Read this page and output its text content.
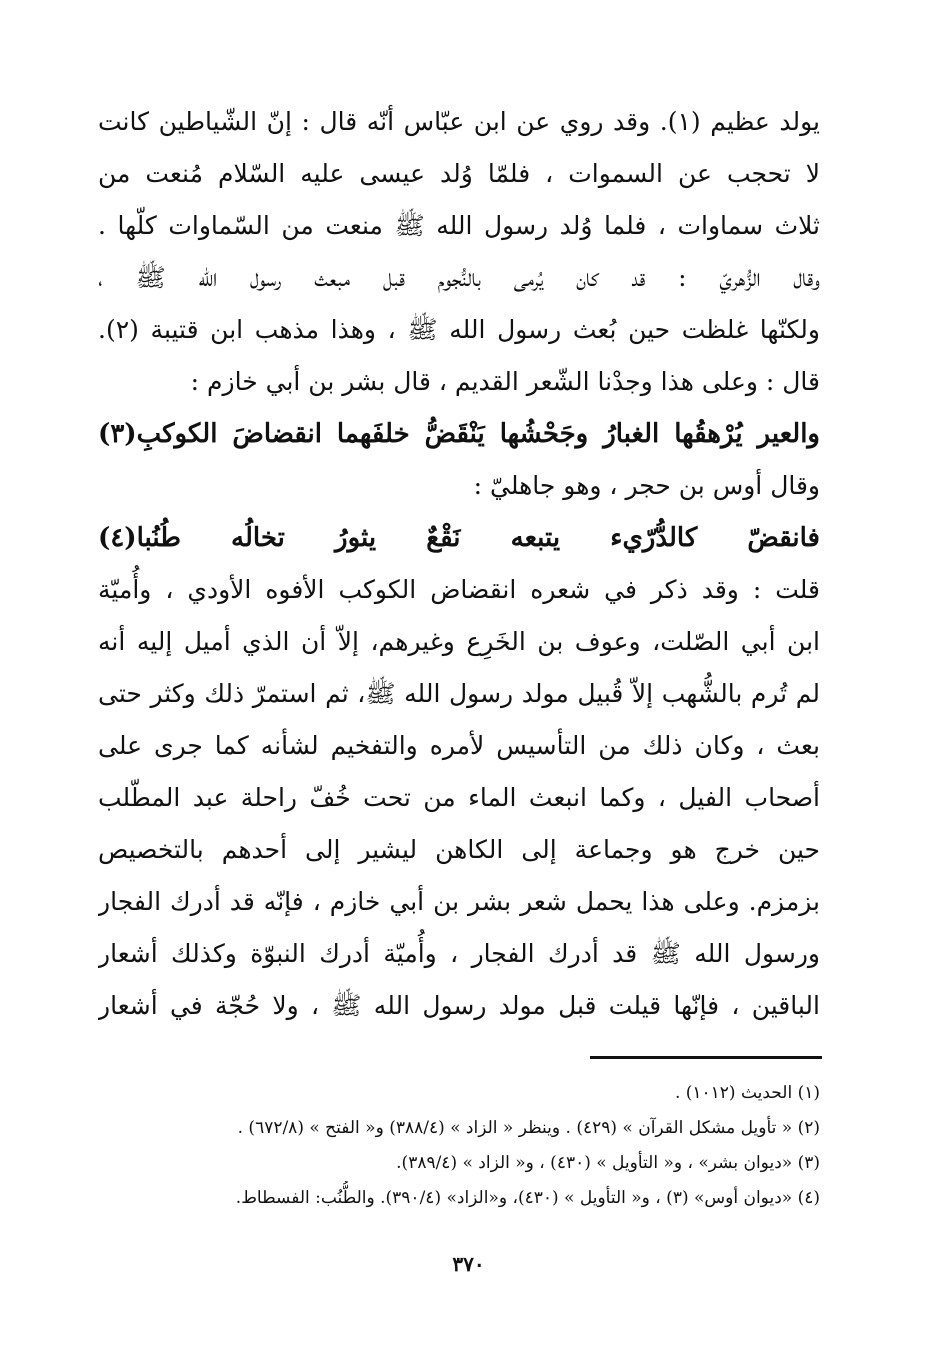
يولد عظيم (١). وقد روي عن ابن عبّاس أنّه قال : إنّ الشّياطين كانت
لا تحجب عن السموات ، فلمّا وُلد عيسى عليه السّلام مُنعت من
ثلاث سماوات ، فلما وُلد رسول الله ﷺ منعت من السّماوات كلّها .
وقال الزُّهريّ : قد كان يُرمى بالنُّجوم قبل مبعث رسول الله ﷺ ،
ولكنّها غلظت حين بُعث رسول الله ﷺ ، وهذا مذهب ابن قتيبة (٢).
قال : وعلى هذا وجدْنا الشّعر القديم ، قال بشر بن أبي خازم :
والعير يُرْهقُها الغبارُ وجَحْشُها يَنْقَضُّ خلفَهما انقضاضَ الكوكبِ(٣)
وقال أوس بن حجر ، وهو جاهليّ :
فانقضّ كالدُّرّيء يتبعه نَقْعٌ يثورُ تخالُه طُنُبا(٤)
قلت : وقد ذكر في شعره انقضاض الكوكب الأفوه الأودي ، وأُميّة
ابن أبي الصّلت، وعوف بن الخَرِع وغيرهم، إلاّ أن الذي أميل إليه أنه
لم تُرم بالشُّهب إلاّ قُبيل مولد رسول الله ﷺ، ثم استمرّ ذلك وكثر حتى
بعث ، وكان ذلك من التأسيس لأمره والتفخيم لشأنه كما جرى على
أصحاب الفيل ، وكما انبعث الماء من تحت خُفّ راحلة عبد المطّلب
حين خرج هو وجماعة إلى الكاهن ليشير إلى أحدهم بالتخصيص
بزمزم. وعلى هذا يحمل شعر بشر بن أبي خازم ، فإنّه قد أدرك الفجار
ورسول الله ﷺ قد أدرك الفجار ، وأُميّة أدرك النبوّة وكذلك أشعار
الباقين ، فإنّها قيلت قبل مولد رسول الله ﷺ ، ولا حُجّة في أشعار
(١) الحديث (١٠١٢) .
(٢) « تأويل مشكل القرآن » (٤٢٩) . وينظر « الزاد » (٣٨٨/٤) و« الفتح » (٦٧٢/٨) .
(٣) «ديوان بشر» ، و« التأويل » (٤٣٠) ، و« الزاد » (٣٨٩/٤).
(٤) «ديوان أوس» (٣) ، و« التأويل » (٤٣٠)، و«الزاد» (٣٩٠/٤). والطُّنُب: الفسطاط.
٣٧٠
